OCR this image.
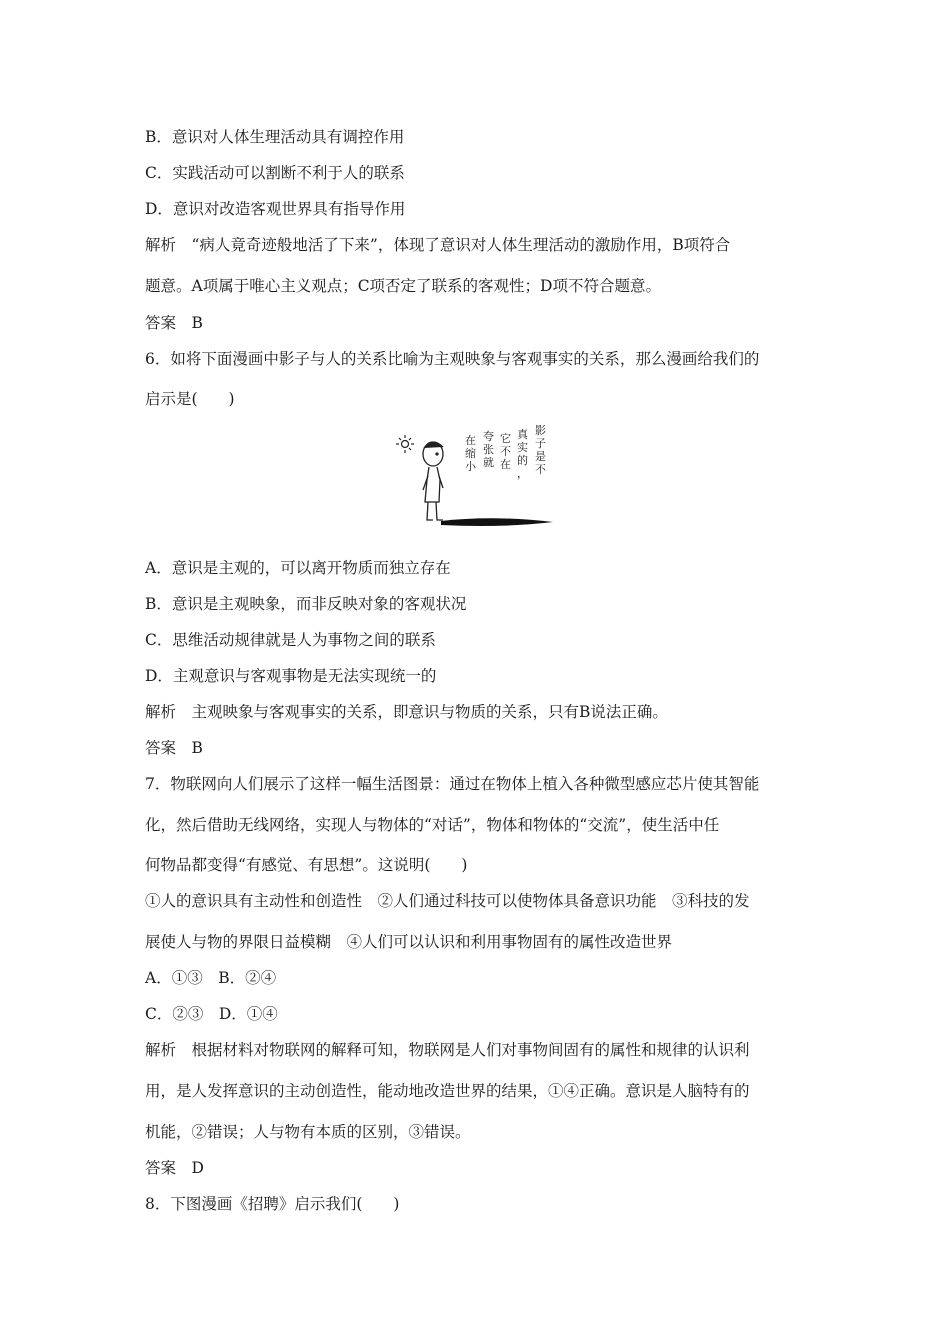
B．意识对人体生理活动具有调控作用
C．实践活动可以割断不利于人的联系
D．意识对改造客观世界具有指导作用
解析　“病人竟奇迹般地活了下来”，体现了意识对人体生理活动的激励作用，B项符合
题意。A项属于唯心主义观点；C项否定了联系的客观性；D项不符合题意。
答案　B
6．如将下面漫画中影子与人的关系比喻为主观映象与客观事实的关系，那么漫画给我们的
启示是(　　)
A．意识是主观的，可以离开物质而独立存在
B．意识是主观映象，而非反映对象的客观状况
C．思维活动规律就是人为事物之间的联系
D．主观意识与客观事物是无法实现统一的
解析　主观映象与客观事实的关系，即意识与物质的关系，只有B说法正确。
答案　B
7．物联网向人们展示了这样一幅生活图景：通过在物体上植入各种微型感应芯片使其智能
化，然后借助无线网络，实现人与物体的“对话”，物体和物体的“交流”，使生活中任
何物品都变得“有感觉、有思想”。这说明(　　)
①人的意识具有主动性和创造性　②人们通过科技可以使物体具备意识功能　③科技的发
展使人与物的界限日益模糊　④人们可以认识和利用事物固有的属性改造世界
A．①③　B．②④
C．②③　D．①④
解析　根据材料对物联网的解释可知，物联网是人们对事物间固有的属性和规律的认识利
用，是人发挥意识的主动创造性，能动地改造世界的结果，①④正确。意识是人脑特有的
机能，②错误；人与物有本质的区别，③错误。
答案　D
8．下图漫画《招聘》启示我们(　　)
影子是不
真实的，
它不在
夸张就
在缩小
